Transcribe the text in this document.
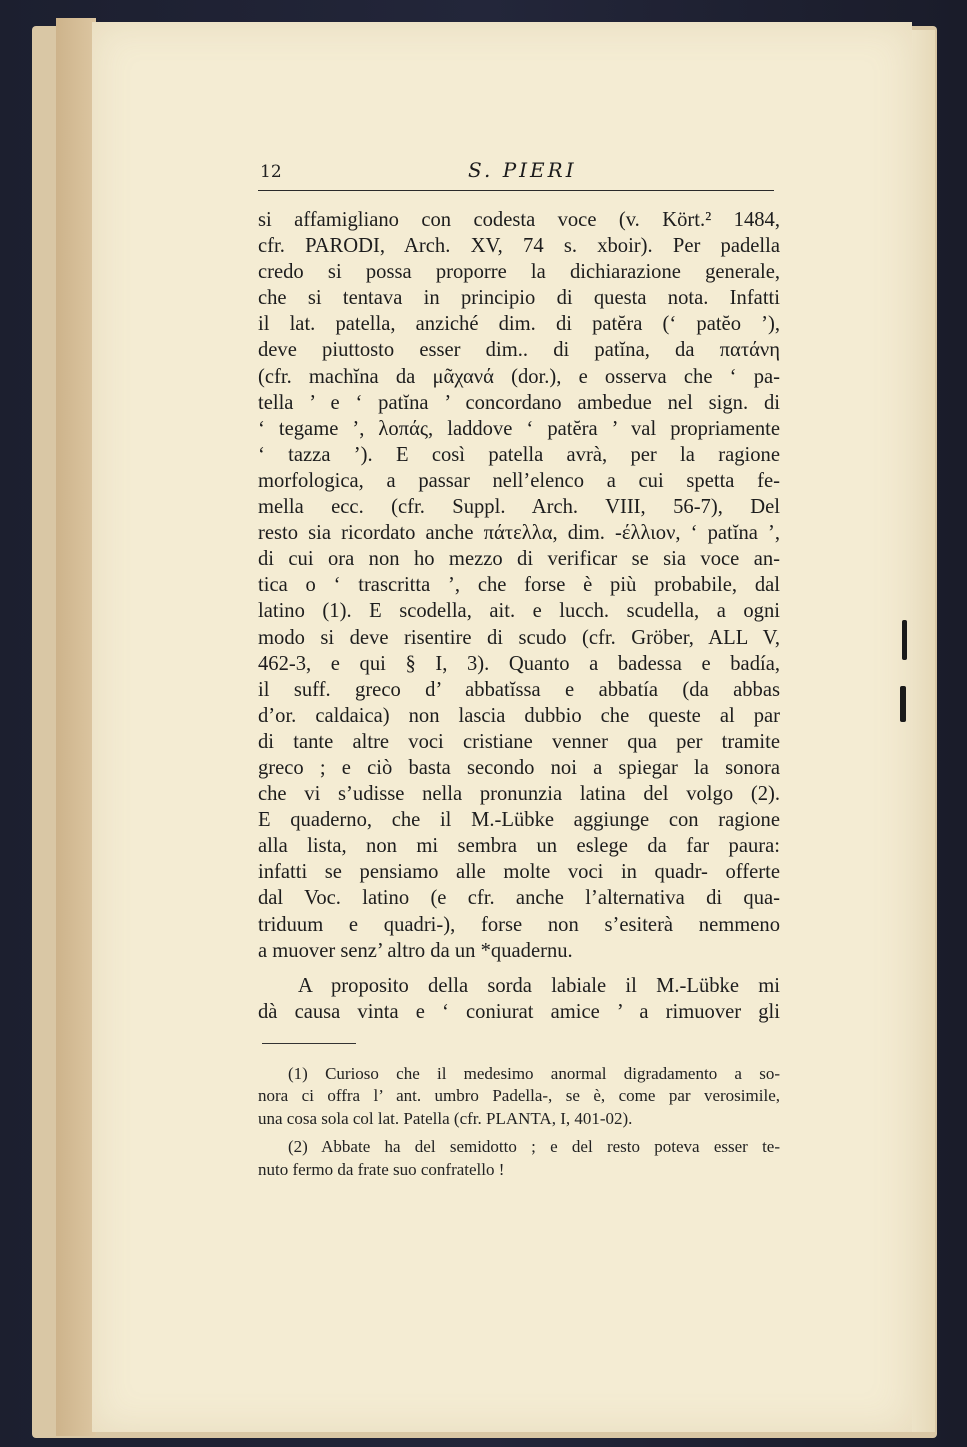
12	S. PIERI
si affamigliano con codesta voce (v. Kört.² 1484,
cfr. PARODI, Arch. XV, 74 s. xboir). Per padella
credo si possa proporre la dichiarazione generale,
che si tentava in principio di questa nota. Infatti
il lat. patella, anziché dim. di patĕra (‘ patĕo ’),
deve piuttosto esser dim.. di patĭna, da πατάνη
(cfr. machĭna da μᾶχανά (dor.), e osserva che ‘ pa-
tella ’ e ‘ patĭna ’ concordano ambedue nel sign. di
‘ tegame ’, λοπάς, laddove ‘ patĕra ’ val propriamente
‘ tazza ’). E così patella avrà, per la ragione
morfologica, a passar nell’elenco a cui spetta fe-
mella ecc. (cfr. Suppl. Arch. VIII, 56-7), Del
resto sia ricordato anche πάτελλα, dim. -έλλιον, ‘ patĭna ’,
di cui ora non ho mezzo di verificar se sia voce an-
tica o ‘ trascritta ’, che forse è più probabile, dal
latino (1). E scodella, ait. e lucch. scudella, a ogni
modo si deve risentire di scudo (cfr. Gröber, ALL V,
462-3, e qui § I, 3). Quanto a badessa e badía,
il suff. greco d’ abbatĭssa e abbatía (da abbas
d’or. caldaica) non lascia dubbio che queste al par
di tante altre voci cristiane venner qua per tramite
greco ; e ciò basta secondo noi a spiegar la sonora
che vi s’udisse nella pronunzia latina del volgo (2).
E quaderno, che il M.-Lübke aggiunge con ragione
alla lista, non mi sembra un eslege da far paura:
infatti se pensiamo alle molte voci in quadr- offerte
dal Voc. latino (e cfr. anche l’alternativa di qua-
triduum e quadri-), forse non s’esiterà nemmeno
a muover senz’ altro da un *quadernu.
A proposito della sorda labiale il M.-Lübke mi
dà causa vinta e ‘ coniurat amice ’ a rimuover gli
(1) Curioso che il medesimo anormal digradamento a so-
nora ci offra l’ ant. umbro Padella-, se è, come par verosimile,
una cosa sola col lat. Patella (cfr. PLANTA, I, 401-02).
(2) Abbate ha del semidotto ; e del resto poteva esser te-
nuto fermo da frate suo confratello !
